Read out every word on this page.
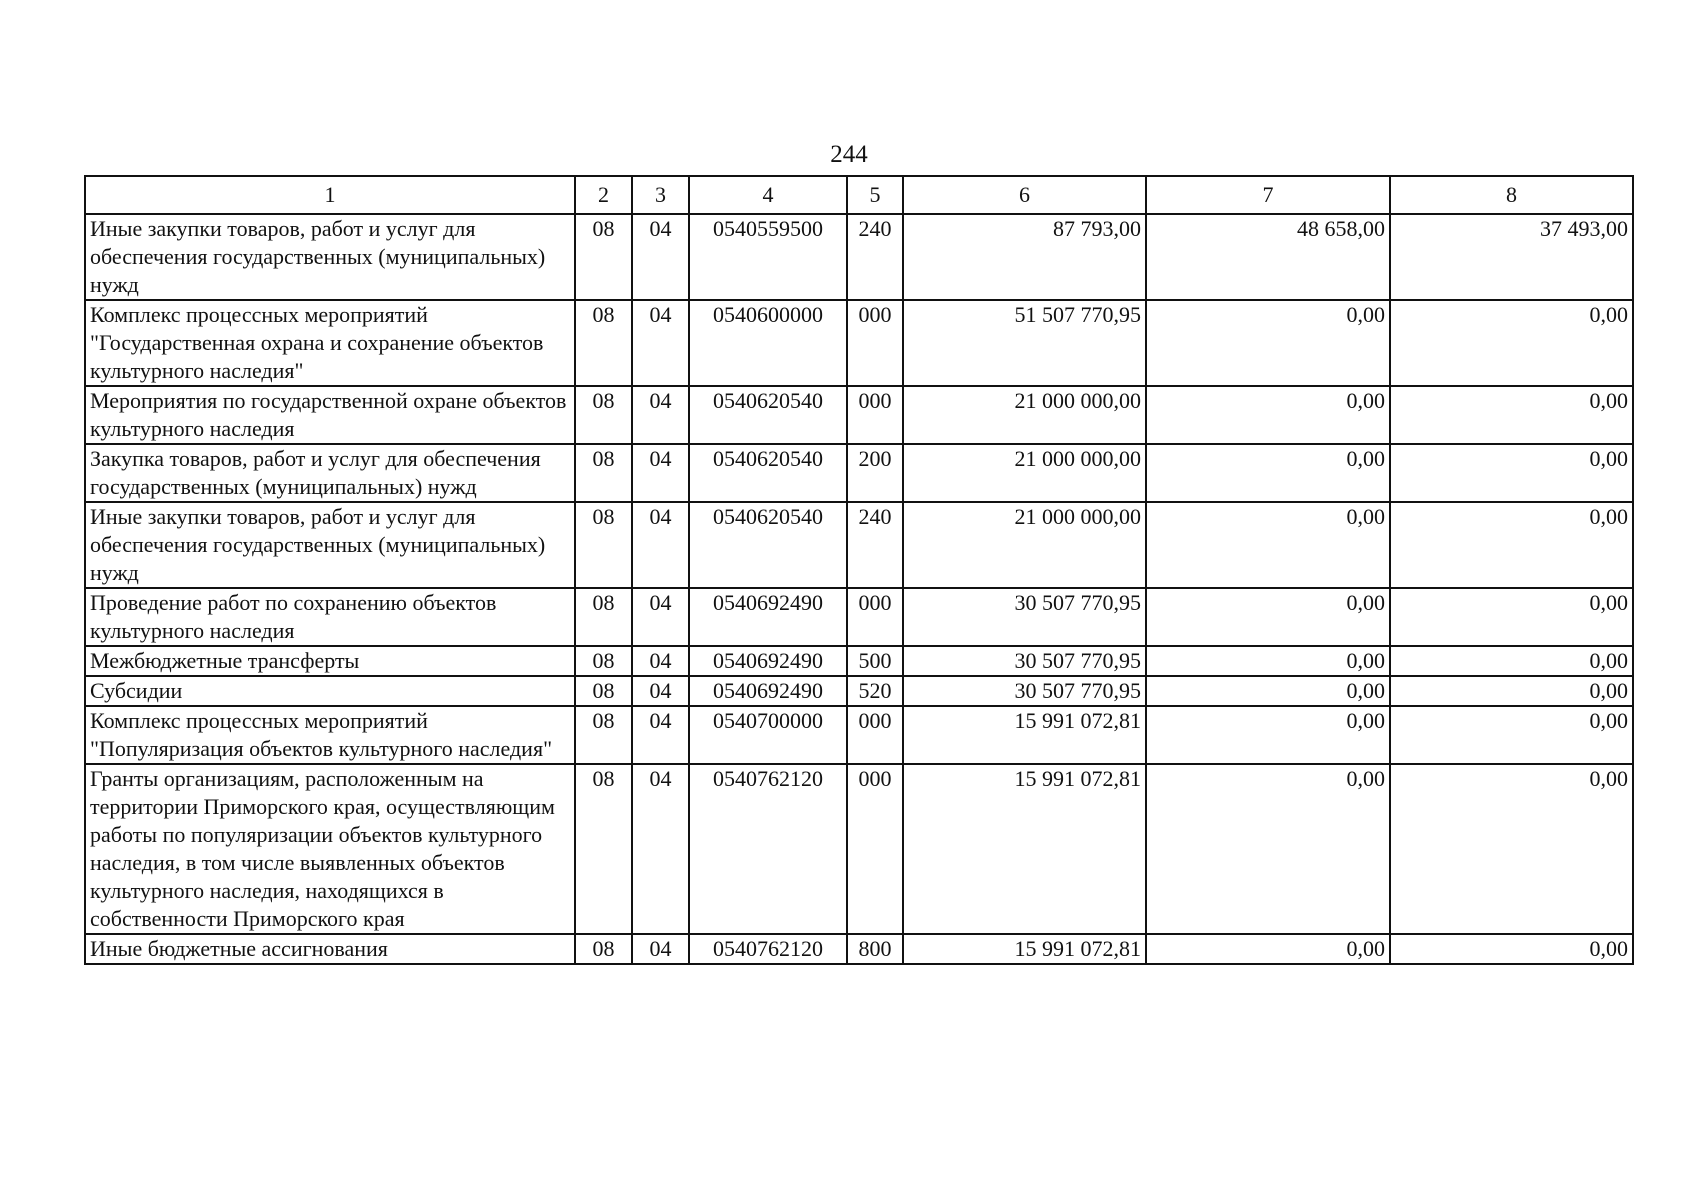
244
1	2	3	4	5	6	7	8
Иные закупки товаров, работ и услуг для обеспечения государственных (муниципальных) нужд	08	04	0540559500	240	87 793,00	48 658,00	37 493,00
Комплекс процессных мероприятий "Государственная охрана и сохранение объектов культурного наследия"	08	04	0540600000	000	51 507 770,95	0,00	0,00
Мероприятия по государственной охране объектов культурного наследия	08	04	0540620540	000	21 000 000,00	0,00	0,00
Закупка товаров, работ и услуг для обеспечения государственных (муниципальных) нужд	08	04	0540620540	200	21 000 000,00	0,00	0,00
Иные закупки товаров, работ и услуг для обеспечения государственных (муниципальных) нужд	08	04	0540620540	240	21 000 000,00	0,00	0,00
Проведение работ по сохранению объектов культурного наследия	08	04	0540692490	000	30 507 770,95	0,00	0,00
Межбюджетные трансферты	08	04	0540692490	500	30 507 770,95	0,00	0,00
Субсидии	08	04	0540692490	520	30 507 770,95	0,00	0,00
Комплекс процессных мероприятий "Популяризация объектов культурного наследия"	08	04	0540700000	000	15 991 072,81	0,00	0,00
Гранты организациям, расположенным на территории Приморского края, осуществляющим работы по популяризации объектов культурного наследия, в том числе выявленных объектов культурного наследия, находящихся в собственности Приморского края	08	04	0540762120	000	15 991 072,81	0,00	0,00
Иные бюджетные ассигнования	08	04	0540762120	800	15 991 072,81	0,00	0,00
